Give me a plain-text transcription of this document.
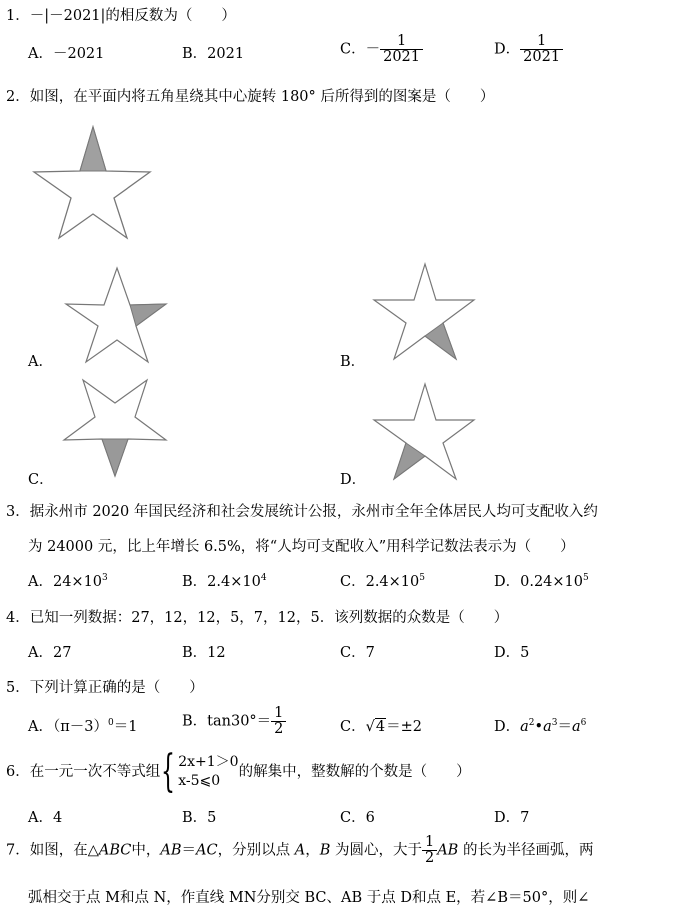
1．－|－2021|的相反数为（　　）
A．－2021	B．2021	C．－ $\frac{1}{2021}$	D． $\frac{1}{2021}$
2．如图，在平面内将五角星绕其中心旋转 180° 后所得到的图案是（　　）
A．	B．
C．	D．
3．据永州市 2020 年国民经济和社会发展统计公报，永州市全年全体居民人均可支配收入约
为 24000 元，比上年增长 6.5%，将“人均可支配收入”用科学记数法表示为（　　）
A．$24\times 10^3$	B．$2.4\times 10^4$	C．$2.4\times 10^5$	D．$0.24\times 10^5$
4．已知一列数据：27，12，12，5，7，12，5．该列数据的众数是（　　）
A．27	B．12	C．7	D．5
5．下列计算正确的是（　　）
A．$(\pi-3)^0=1$	B．$\tan 30^\circ= \frac{1}{2}$	C．√4＝±2	D．$a^2•a^3=a^6$
6．在一元一次不等式组{ 2x+1＞0
x-5⩽0
的解集中，整数解的个数是（　　）
A．4	B．5	C．6	D．7
7．如图，在△ABC中，AB＝AC，分别以点 A，B 为圆心，大于 $\frac{1}{2}$ AB 的长为半径画弧，两
弧相交于点 M和点 N，作直线 MN分别交 BC、AB 于点 D和点 E，若∠B＝50°，则∠
